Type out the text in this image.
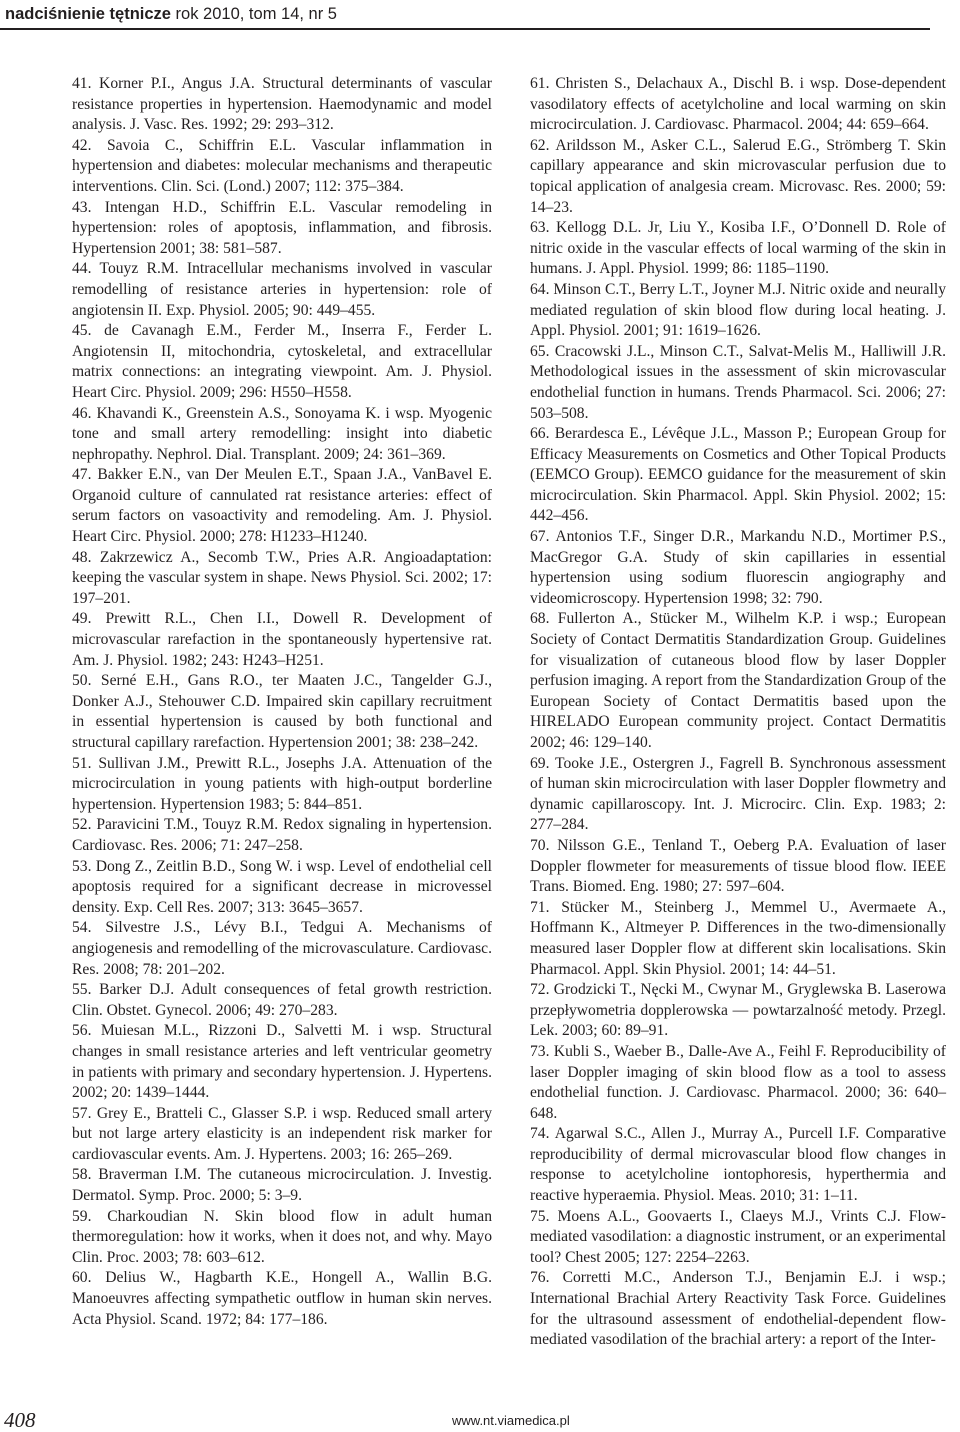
nadciśnienie tętnicze rok 2010, tom 14, nr 5

41. Korner P.I., Angus J.A. Structural determinants of vascular resistance properties in hypertension. Haemodynamic and model analysis. J. Vasc. Res. 1992; 29: 293–312.

42. Savoia C., Schiffrin E.L. Vascular inflammation in hypertension and diabetes: molecular mechanisms and therapeutic interventions. Clin. Sci. (Lond.) 2007; 112: 375–384.

43. Intengan H.D., Schiffrin E.L. Vascular remodeling in hypertension: roles of apoptosis, inflammation, and fibrosis. Hypertension 2001; 38: 581–587.

44. Touyz R.M. Intracellular mechanisms involved in vascular remodelling of resistance arteries in hypertension: role of angiotensin II. Exp. Physiol. 2005; 90: 449–455.

45. de Cavanagh E.M., Ferder M., Inserra F., Ferder L. Angiotensin II, mitochondria, cytoskeletal, and extracellular matrix connections: an integrating viewpoint. Am. J. Physiol. Heart Circ. Physiol. 2009; 296: H550–H558.

46. Khavandi K., Greenstein A.S., Sonoyama K. i wsp. Myogenic tone and small artery remodelling: insight into diabetic nephropathy. Nephrol. Dial. Transplant. 2009; 24: 361–369.

47. Bakker E.N., van Der Meulen E.T., Spaan J.A., VanBavel E. Organoid culture of cannulated rat resistance arteries: effect of serum factors on vasoactivity and remodeling. Am. J. Physiol. Heart Circ. Physiol. 2000; 278: H1233–H1240.

48. Zakrzewicz A., Secomb T.W., Pries A.R. Angioadaptation: keeping the vascular system in shape. News Physiol. Sci. 2002; 17: 197–201.

49. Prewitt R.L., Chen I.I., Dowell R. Development of microvascular rarefaction in the spontaneously hypertensive rat. Am. J. Physiol. 1982; 243: H243–H251.

50. Serné E.H., Gans R.O., ter Maaten J.C., Tangelder G.J., Donker A.J., Stehouwer C.D. Impaired skin capillary recruitment in essential hypertension is caused by both functional and structural capillary rarefaction. Hypertension 2001; 38: 238–242.

51. Sullivan J.M., Prewitt R.L., Josephs J.A. Attenuation of the microcirculation in young patients with high-output borderline hypertension. Hypertension 1983; 5: 844–851.

52. Paravicini T.M., Touyz R.M. Redox signaling in hypertension. Cardiovasc. Res. 2006; 71: 247–258.

53. Dong Z., Zeitlin B.D., Song W. i wsp. Level of endothelial cell apoptosis required for a significant decrease in microvessel density. Exp. Cell Res. 2007; 313: 3645–3657.

54. Silvestre J.S., Lévy B.I., Tedgui A. Mechanisms of angiogenesis and remodelling of the microvasculature. Cardiovasc. Res. 2008; 78: 201–202.

55. Barker D.J. Adult consequences of fetal growth restriction. Clin. Obstet. Gynecol. 2006; 49: 270–283.

56. Muiesan M.L., Rizzoni D., Salvetti M. i wsp. Structural changes in small resistance arteries and left ventricular geometry in patients with primary and secondary hypertension. J. Hypertens. 2002; 20: 1439–1444.

57. Grey E., Bratteli C., Glasser S.P. i wsp. Reduced small artery but not large artery elasticity is an independent risk marker for cardiovascular events. Am. J. Hypertens. 2003; 16: 265–269.

58. Braverman I.M. The cutaneous microcirculation. J. Investig. Dermatol. Symp. Proc. 2000; 5: 3–9.

59. Charkoudian N. Skin blood flow in adult human thermoregulation: how it works, when it does not, and why. Mayo Clin. Proc. 2003; 78: 603–612.

60. Delius W., Hagbarth K.E., Hongell A., Wallin B.G. Manoeuvres affecting sympathetic outflow in human skin nerves. Acta Physiol. Scand. 1972; 84: 177–186.

61. Christen S., Delachaux A., Dischl B. i wsp. Dose-dependent vasodilatory effects of acetylcholine and local warming on skin microcirculation. J. Cardiovasc. Pharmacol. 2004; 44: 659–664.

62. Arildsson M., Asker C.L., Salerud E.G., Strömberg T. Skin capillary appearance and skin microvascular perfusion due to topical application of analgesia cream. Microvasc. Res. 2000; 59: 14–23.

63. Kellogg D.L. Jr, Liu Y., Kosiba I.F., O’Donnell D. Role of nitric oxide in the vascular effects of local warming of the skin in humans. J. Appl. Physiol. 1999; 86: 1185–1190.

64. Minson C.T., Berry L.T., Joyner M.J. Nitric oxide and neurally mediated regulation of skin blood flow during local heating. J. Appl. Physiol. 2001; 91: 1619–1626.

65. Cracowski J.L., Minson C.T., Salvat-Melis M., Halliwill J.R. Methodological issues in the assessment of skin microvascular endothelial function in humans. Trends Pharmacol. Sci. 2006; 27: 503–508.

66. Berardesca E., Lévêque J.L., Masson P.; European Group for Efficacy Measurements on Cosmetics and Other Topical Products (EEMCO Group). EEMCO guidance for the measurement of skin microcirculation. Skin Pharmacol. Appl. Skin Physiol. 2002; 15: 442–456.

67. Antonios T.F., Singer D.R., Markandu N.D., Mortimer P.S., MacGregor G.A. Study of skin capillaries in essential hypertension using sodium fluorescin angiography and videomicroscopy. Hypertension 1998; 32: 790.

68. Fullerton A., Stücker M., Wilhelm K.P. i wsp.; European Society of Contact Dermatitis Standardization Group. Guidelines for visualization of cutaneous blood flow by laser Doppler perfusion imaging. A report from the Standardization Group of the European Society of Contact Dermatitis based upon the HIRELADO European community project. Contact Dermatitis 2002; 46: 129–140.

69. Tooke J.E., Ostergren J., Fagrell B. Synchronous assessment of human skin microcirculation with laser Doppler flowmetry and dynamic capillaroscopy. Int. J. Microcirc. Clin. Exp. 1983; 2: 277–284.

70. Nilsson G.E., Tenland T., Oeberg P.A. Evaluation of laser Doppler flowmeter for measurements of tissue blood flow. IEEE Trans. Biomed. Eng. 1980; 27: 597–604.

71. Stücker M., Steinberg J., Memmel U., Avermaete A., Hoffmann K., Altmeyer P. Differences in the two-dimensionally measured laser Doppler flow at different skin localisations. Skin Pharmacol. Appl. Skin Physiol. 2001; 14: 44–51.

72. Grodzicki T., Nęcki M., Cwynar M., Gryglewska B. Laserowa przepływometria dopplerowska — powtarzalność metody. Przegl. Lek. 2003; 60: 89–91.

73. Kubli S., Waeber B., Dalle-Ave A., Feihl F. Reproducibility of laser Doppler imaging of skin blood flow as a tool to assess endothelial function. J. Cardiovasc. Pharmacol. 2000; 36: 640–648.

74. Agarwal S.C., Allen J., Murray A., Purcell I.F. Comparative reproducibility of dermal microvascular blood flow changes in response to acetylcholine iontophoresis, hyperthermia and reactive hyperaemia. Physiol. Meas. 2010; 31: 1–11.

75. Moens A.L., Goovaerts I., Claeys M.J., Vrints C.J. Flow-mediated vasodilation: a diagnostic instrument, or an experimental tool? Chest 2005; 127: 2254–2263.

76. Corretti M.C., Anderson T.J., Benjamin E.J. i wsp.; International Brachial Artery Reactivity Task Force. Guidelines for the ultrasound assessment of endothelial-dependent flow-mediated vasodilation of the brachial artery: a report of the Inter-

408	www.nt.viamedica.pl
